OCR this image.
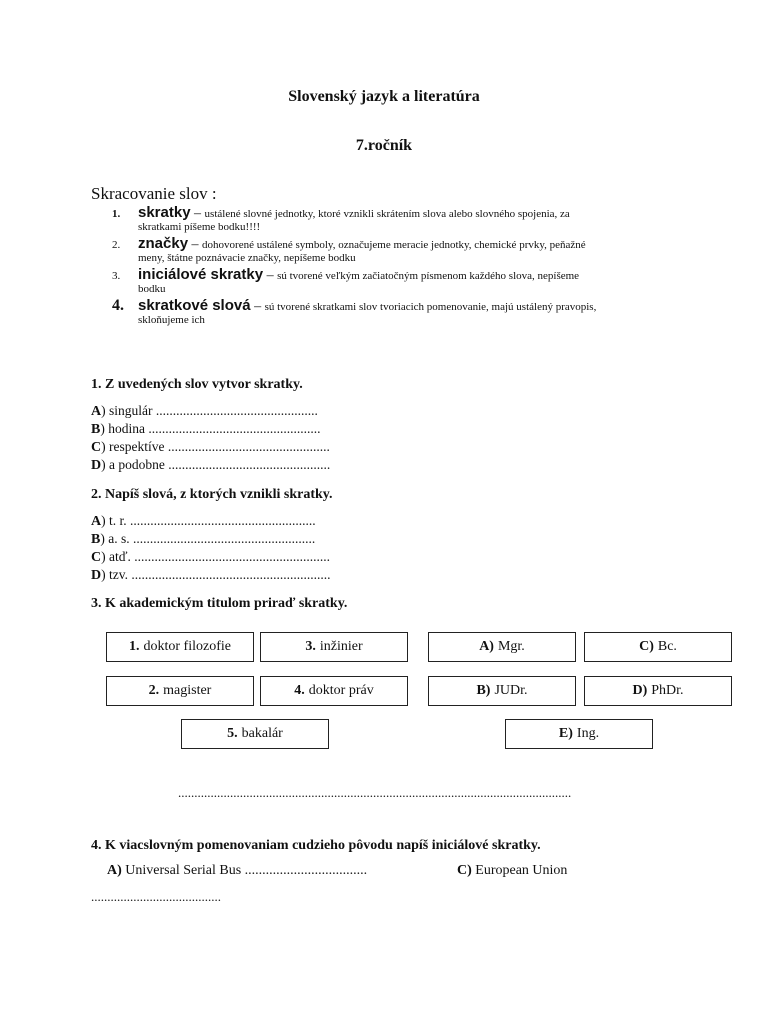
Slovenský jazyk a literatúra
7.ročník
Skracovanie slov :
1. skratky – ustálené slovné jednotky, ktoré vznikli skrátením slova alebo slovného spojenia, za
skratkami píšeme bodku!!!!
2. značky – dohovorené ustálené symboly, označujeme meracie jednotky, chemické prvky, peňažné
meny, štátne poznávacie značky, nepíšeme bodku
3. iniciálové skratky – sú tvorené veľkým začiatočným písmenom každého slova, nepíšeme
bodku
4. skratkové slová – sú tvorené skratkami slov tvoriacich pomenovanie, majú ustálený pravopis,
skloňujeme ich
1. Z uvedených slov vytvor skratky.
A) singulár ................................................
B) hodina ...................................................
C) respektíve ................................................
D) a podobne ................................................
2. Napíš slová, z ktorých vznikli skratky.
A) t. r. .......................................................
B) a. s. ......................................................
C) atď. ..........................................................
D) tzv. ...........................................................
3. K akademickým titulom priraď skratky.
1. doktor filozofie	3. inžinier	A) Mgr.	C) Bc.
2. magister	4. doktor práv	B) JUDr.	D) PhDr.
5. bakalár	E) Ing.
.........................................................................................................................
4. K viacslovným pomenovaniam cudzieho pôvodu napíš iniciálové skratky.
A) Universal Serial Bus ...................................	C) European Union
........................................
